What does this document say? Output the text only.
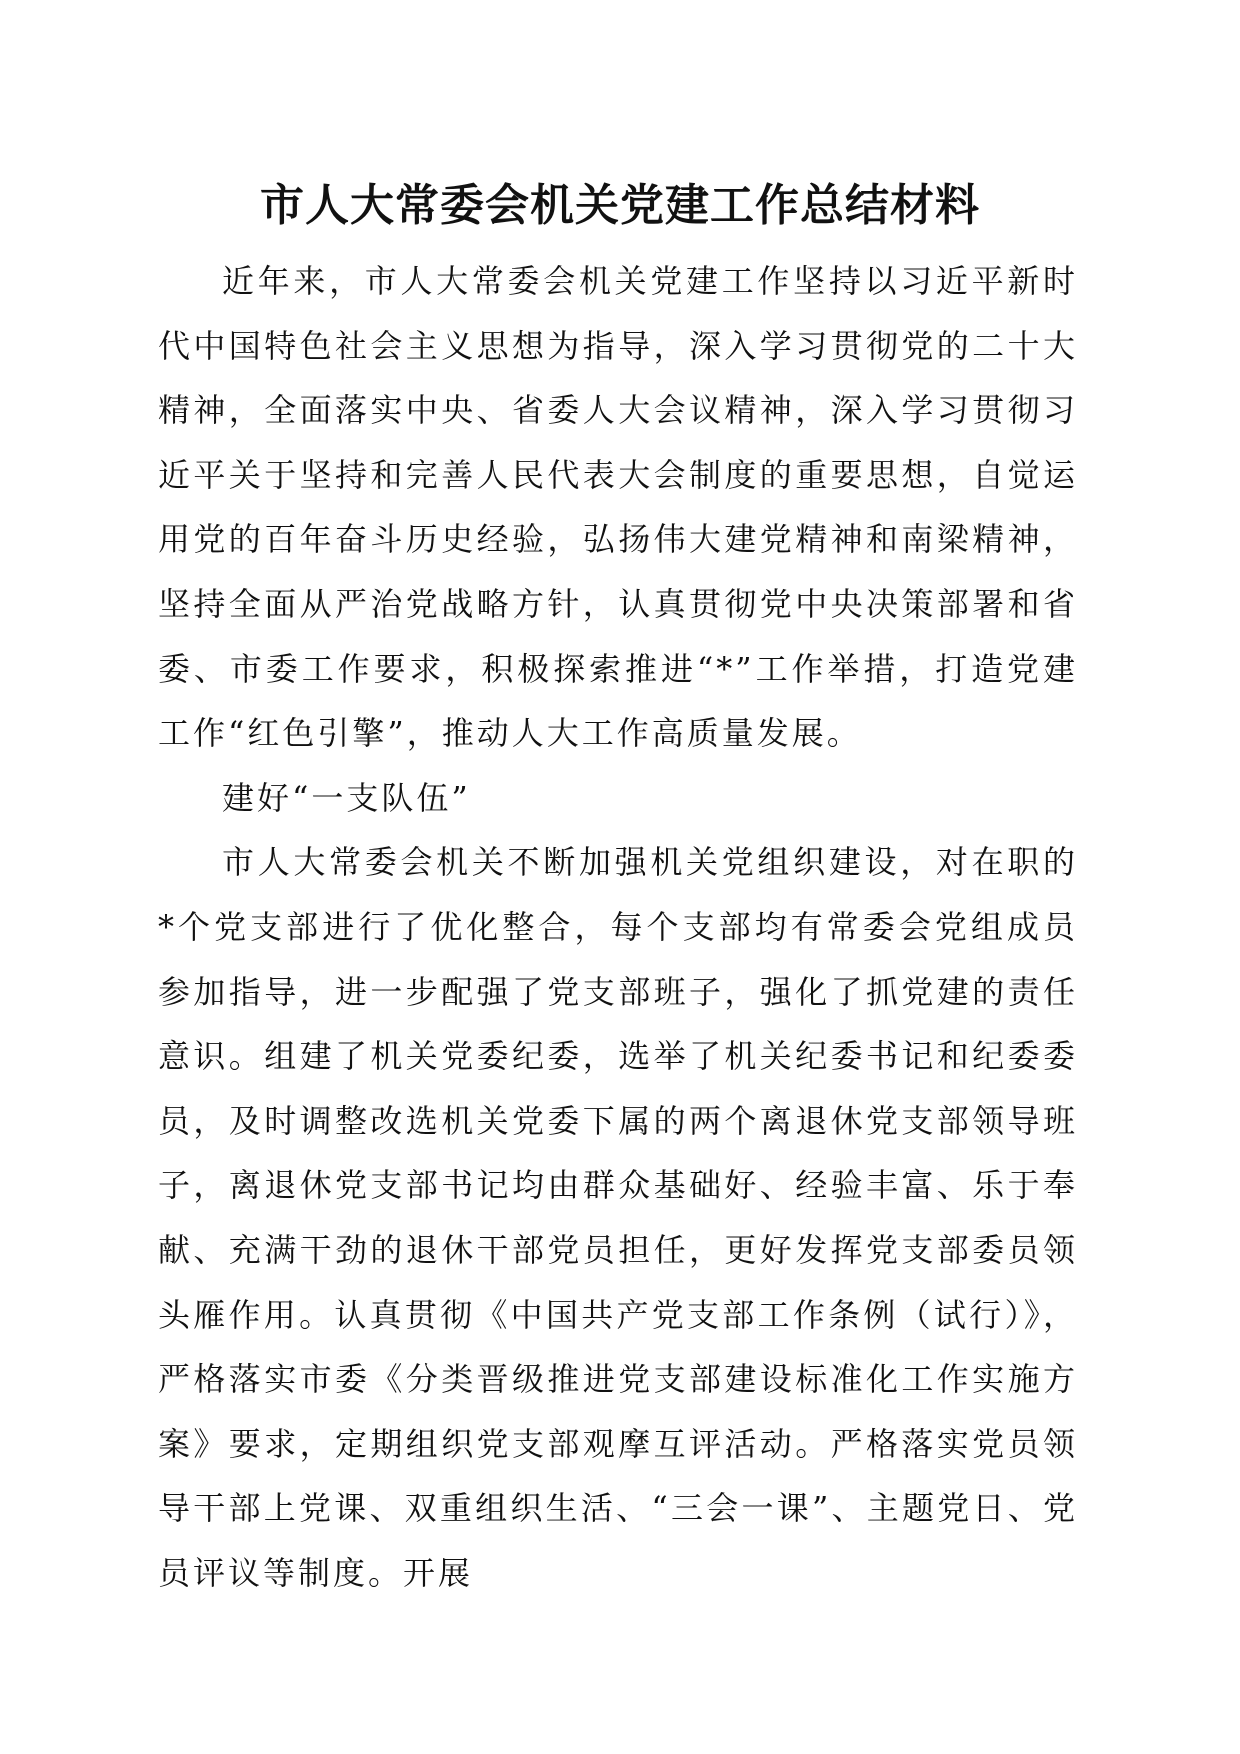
市人大常委会机关党建工作总结材料

近年来，市人大常委会机关党建工作坚持以习近平新时代中国特色社会主义思想为指导，深入学习贯彻党的二十大精神，全面落实中央、省委人大会议精神，深入学习贯彻习近平关于坚持和完善人民代表大会制度的重要思想，自觉运用党的百年奋斗历史经验，弘扬伟大建党精神和南梁精神，坚持全面从严治党战略方针，认真贯彻党中央决策部署和省委、市委工作要求，积极探索推进“*”工作举措，打造党建工作“红色引擎”，推动人大工作高质量发展。

建好“一支队伍”

市人大常委会机关不断加强机关党组织建设，对在职的*个党支部进行了优化整合，每个支部均有常委会党组成员参加指导，进一步配强了党支部班子，强化了抓党建的责任意识。组建了机关党委纪委，选举了机关纪委书记和纪委委员，及时调整改选机关党委下属的两个离退休党支部领导班子，离退休党支部书记均由群众基础好、经验丰富、乐于奉献、充满干劲的退休干部党员担任，更好发挥党支部委员领头雁作用。认真贯彻《中国共产党支部工作条例（试行）》，严格落实市委《分类晋级推进党支部建设标准化工作实施方案》要求，定期组织党支部观摩互评活动。严格落实党员领导干部上党课、双重组织生活、“三会一课”、主题党日、党员评议等制度。开展
